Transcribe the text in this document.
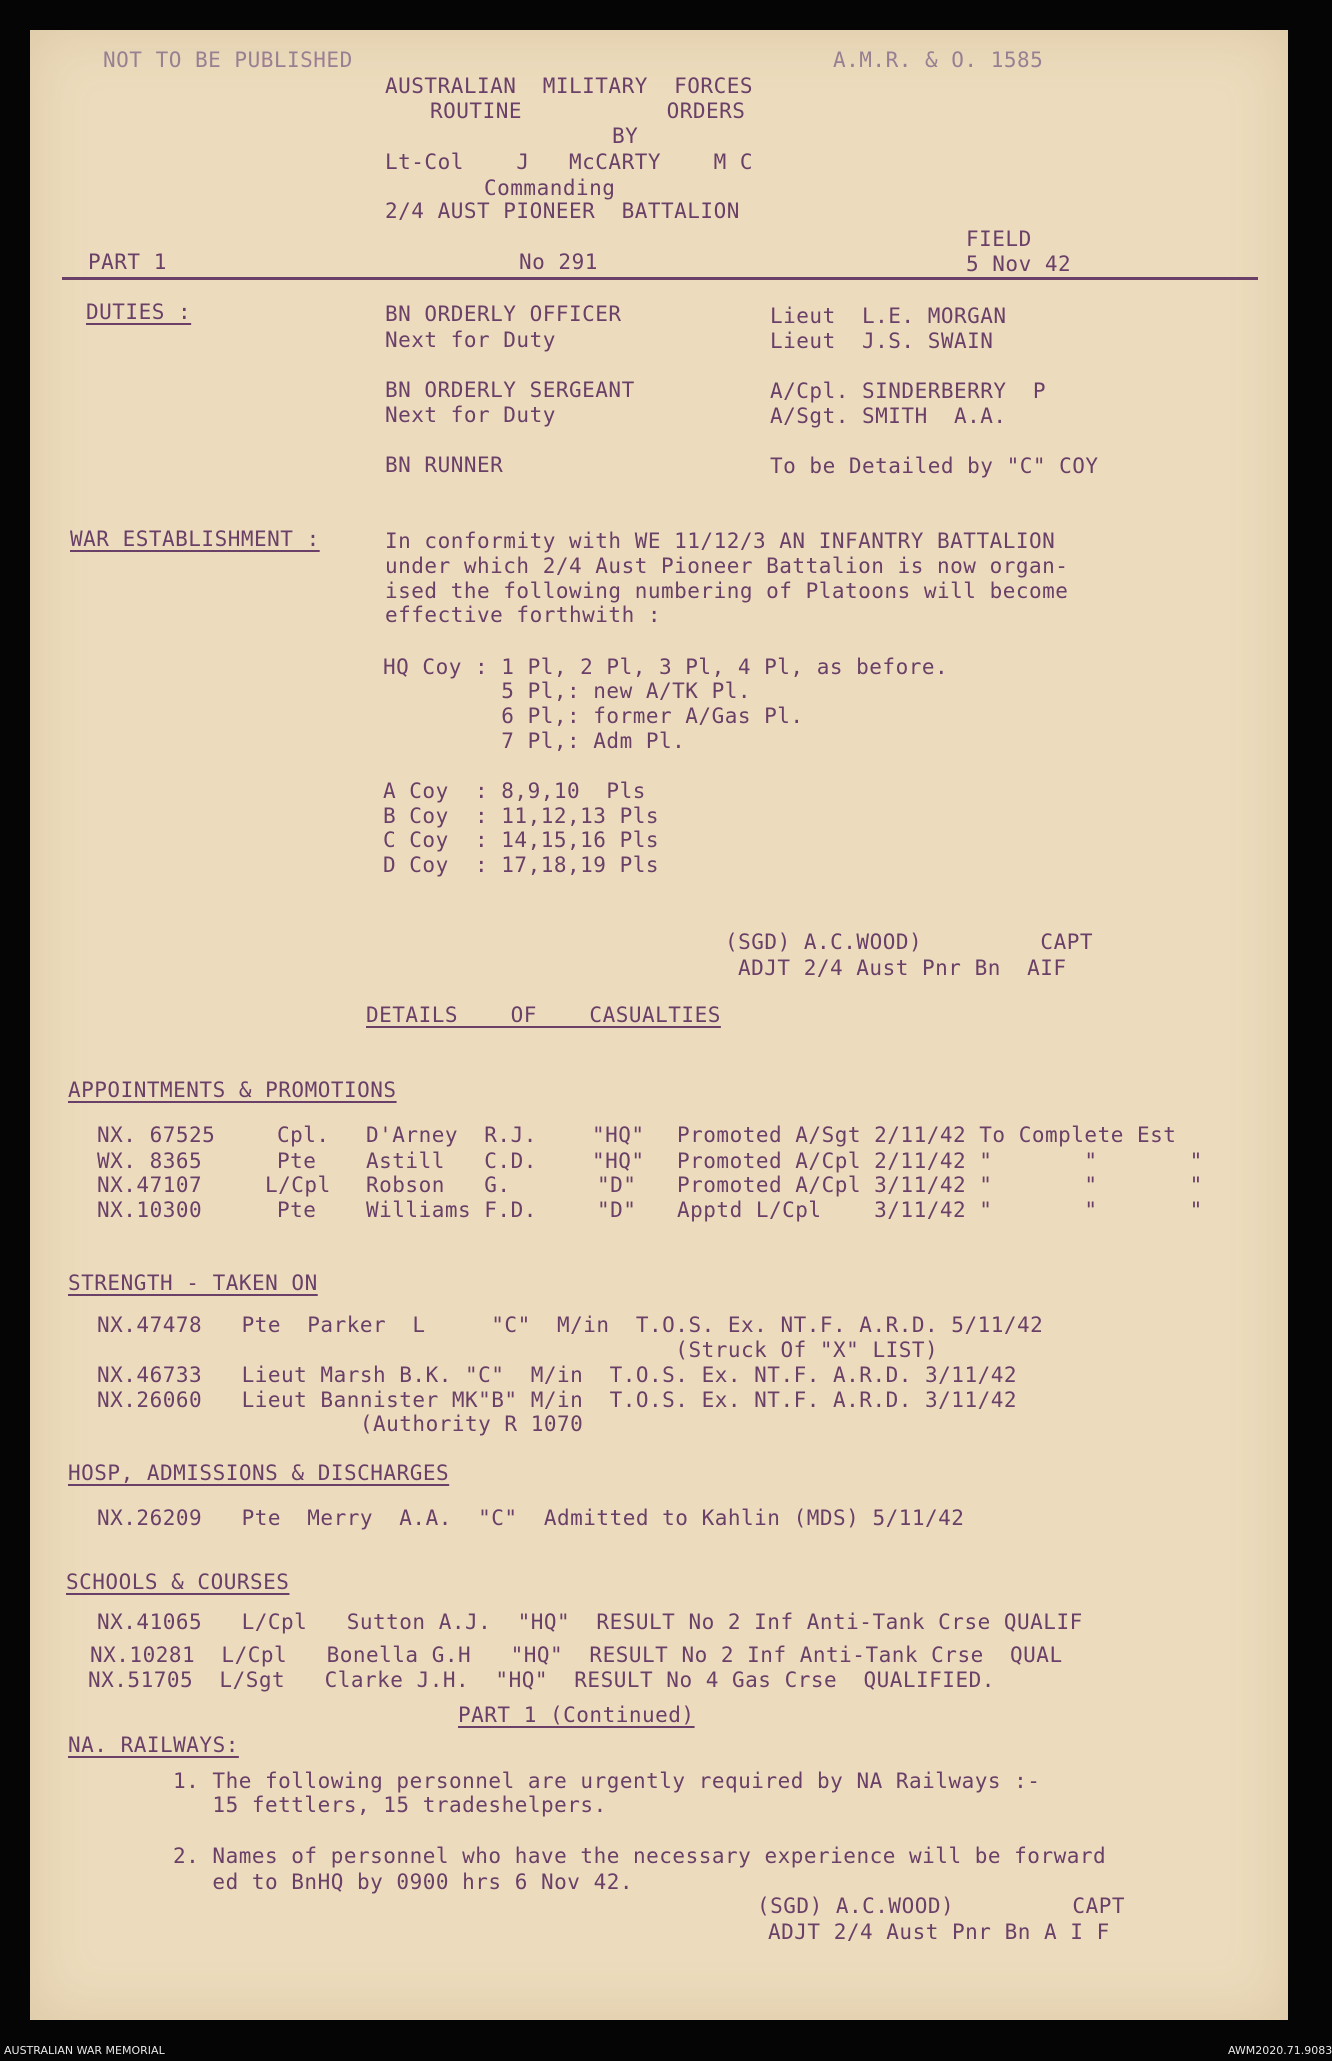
NOT TO BE PUBLISHED	A.M.R. & O. 1585
AUSTRALIAN  MILITARY  FORCES
ROUTINE           ORDERS
BY
Lt-Col    J   McCARTY    M C
Commanding
2/4 AUST PIONEER  BATTALION
FIELD
PART 1	No 291	5 Nov 42
DUTIES :	BN ORDERLY OFFICER	Lieut  L.E. MORGAN
Next for Duty	Lieut  J.S. SWAIN
BN ORDERLY SERGEANT	A/Cpl. SINDERBERRY  P
Next for Duty	A/Sgt. SMITH  A.A.
BN RUNNER	To be Detailed by "C" COY
WAR ESTABLISHMENT :	In conformity with WE 11/12/3 AN INFANTRY BATTALION
under which 2/4 Aust Pioneer Battalion is now organ-
ised the following numbering of Platoons will become
effective forthwith :
HQ Coy : 1 Pl, 2 Pl, 3 Pl, 4 Pl, as before.
5 Pl,: new A/TK Pl.
6 Pl,: former A/Gas Pl.
7 Pl,: Adm Pl.
A Coy  : 8,9,10  Pls
B Coy  : 11,12,13 Pls
C Coy  : 14,15,16 Pls
D Coy  : 17,18,19 Pls
(SGD) A.C.WOOD)         CAPT
ADJT 2/4 Aust Pnr Bn  AIF
DETAILS    OF    CASUALTIES
APPOINTMENTS & PROMOTIONS
NX. 67525	Cpl. D'Arney  R.J.	"HQ" Promoted A/Sgt 2/11/42 To Complete Est
WX. 8365	Pte Astill   C.D.	"HQ" Promoted A/Cpl 2/11/42 "       "       "
NX.47107	L/Cpl Robson   G.	"D" Promoted A/Cpl 3/11/42 "       "       "
NX.10300	Pte Williams F.D.	"D" Apptd L/Cpl    3/11/42 "       "       "
STRENGTH - TAKEN ON
NX.47478   Pte  Parker  L     "C"  M/in  T.O.S. Ex. NT.F. A.R.D. 5/11/42
(Struck Of "X" LIST)
NX.46733   Lieut Marsh B.K. "C"  M/in  T.O.S. Ex. NT.F. A.R.D. 3/11/42
NX.26060   Lieut Bannister MK"B" M/in  T.O.S. Ex. NT.F. A.R.D. 3/11/42
(Authority R 1070
HOSP, ADMISSIONS & DISCHARGES
NX.26209   Pte  Merry  A.A.  "C"  Admitted to Kahlin (MDS) 5/11/42
SCHOOLS & COURSES
NX.41065   L/Cpl   Sutton A.J.  "HQ"  RESULT No 2 Inf Anti-Tank Crse QUALIF
NX.10281  L/Cpl   Bonella G.H   "HQ"  RESULT No 2 Inf Anti-Tank Crse  QUAL
NX.51705  L/Sgt   Clarke J.H.  "HQ"  RESULT No 4 Gas Crse  QUALIFIED.
PART 1 (Continued)
NA. RAILWAYS:
1. The following personnel are urgently required by NA Railways :-
15 fettlers, 15 tradeshelpers.
2. Names of personnel who have the necessary experience will be forward
ed to BnHQ by 0900 hrs 6 Nov 42.
(SGD) A.C.WOOD)         CAPT
ADJT 2/4 Aust Pnr Bn A I F
AUSTRALIAN WAR MEMORIAL	AWM2020.71.9083
